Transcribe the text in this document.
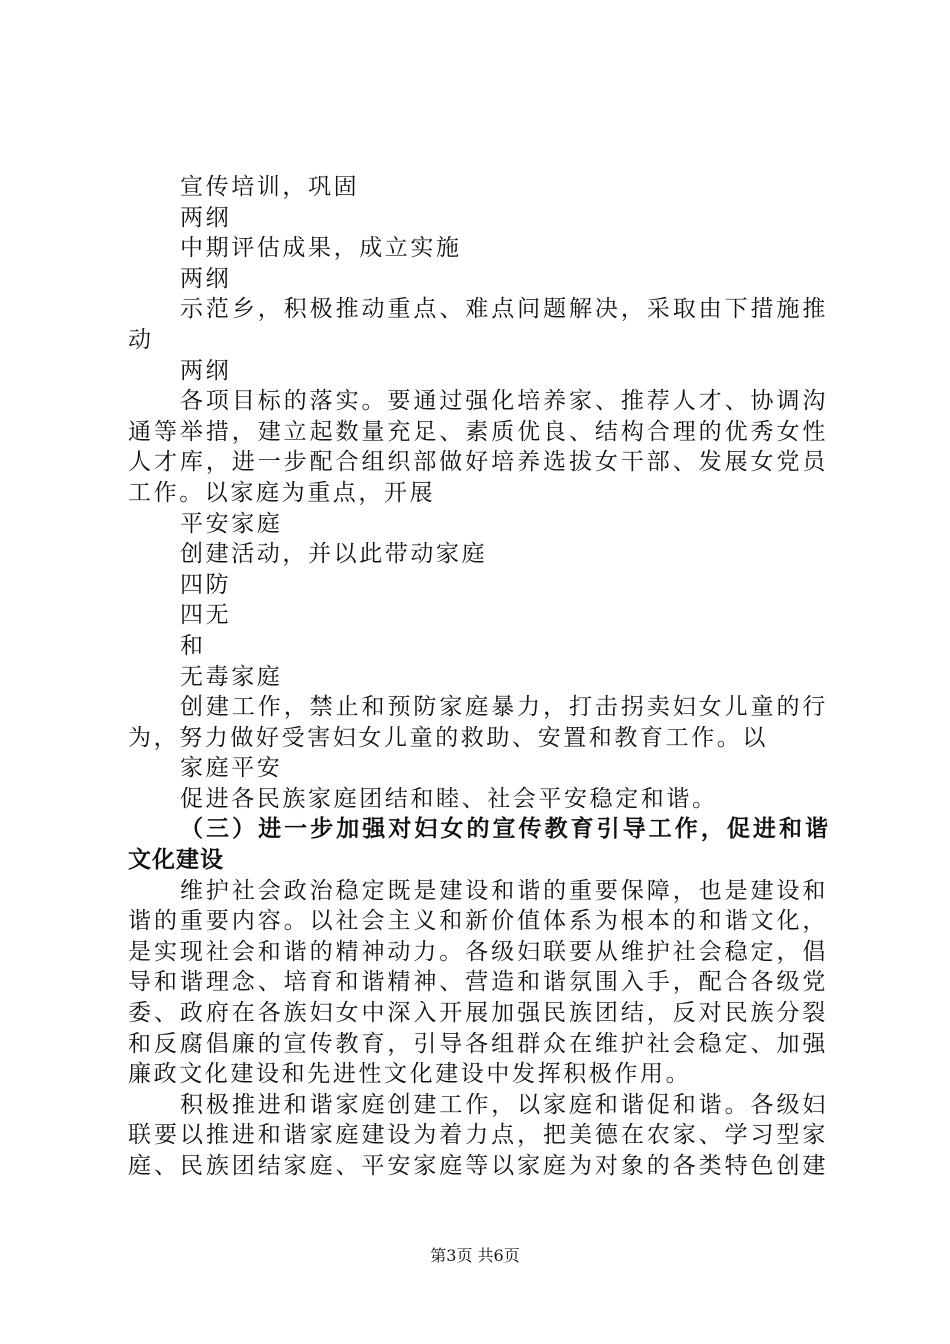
宣传培训，巩固
两纲
中期评估成果，成立实施
两纲
示范乡，积极推动重点、难点问题解决，采取由下措施推
动
两纲
各项目标的落实。要通过强化培养家、推荐人才、协调沟
通等举措，建立起数量充足、素质优良、结构合理的优秀女性
人才库，进一步配合组织部做好培养选拔女干部、发展女党员
工作。以家庭为重点，开展
平安家庭
创建活动，并以此带动家庭
四防
四无
和
无毒家庭
创建工作，禁止和预防家庭暴力，打击拐卖妇女儿童的行
为，努力做好受害妇女儿童的救助、安置和教育工作。以
家庭平安
促进各民族家庭团结和睦、社会平安稳定和谐。
（三）进一步加强对妇女的宣传教育引导工作，促进和谐
文化建设
维护社会政治稳定既是建设和谐的重要保障，也是建设和
谐的重要内容。以社会主义和新价值体系为根本的和谐文化，
是实现社会和谐的精神动力。各级妇联要从维护社会稳定，倡
导和谐理念、培育和谐精神、营造和谐氛围入手，配合各级党
委、政府在各族妇女中深入开展加强民族团结，反对民族分裂
和反腐倡廉的宣传教育，引导各组群众在维护社会稳定、加强
廉政文化建设和先进性文化建设中发挥积极作用。
积极推进和谐家庭创建工作，以家庭和谐促和谐。各级妇
联要以推进和谐家庭建设为着力点，把美德在农家、学习型家
庭、民族团结家庭、平安家庭等以家庭为对象的各类特色创建
第3页 共6页
